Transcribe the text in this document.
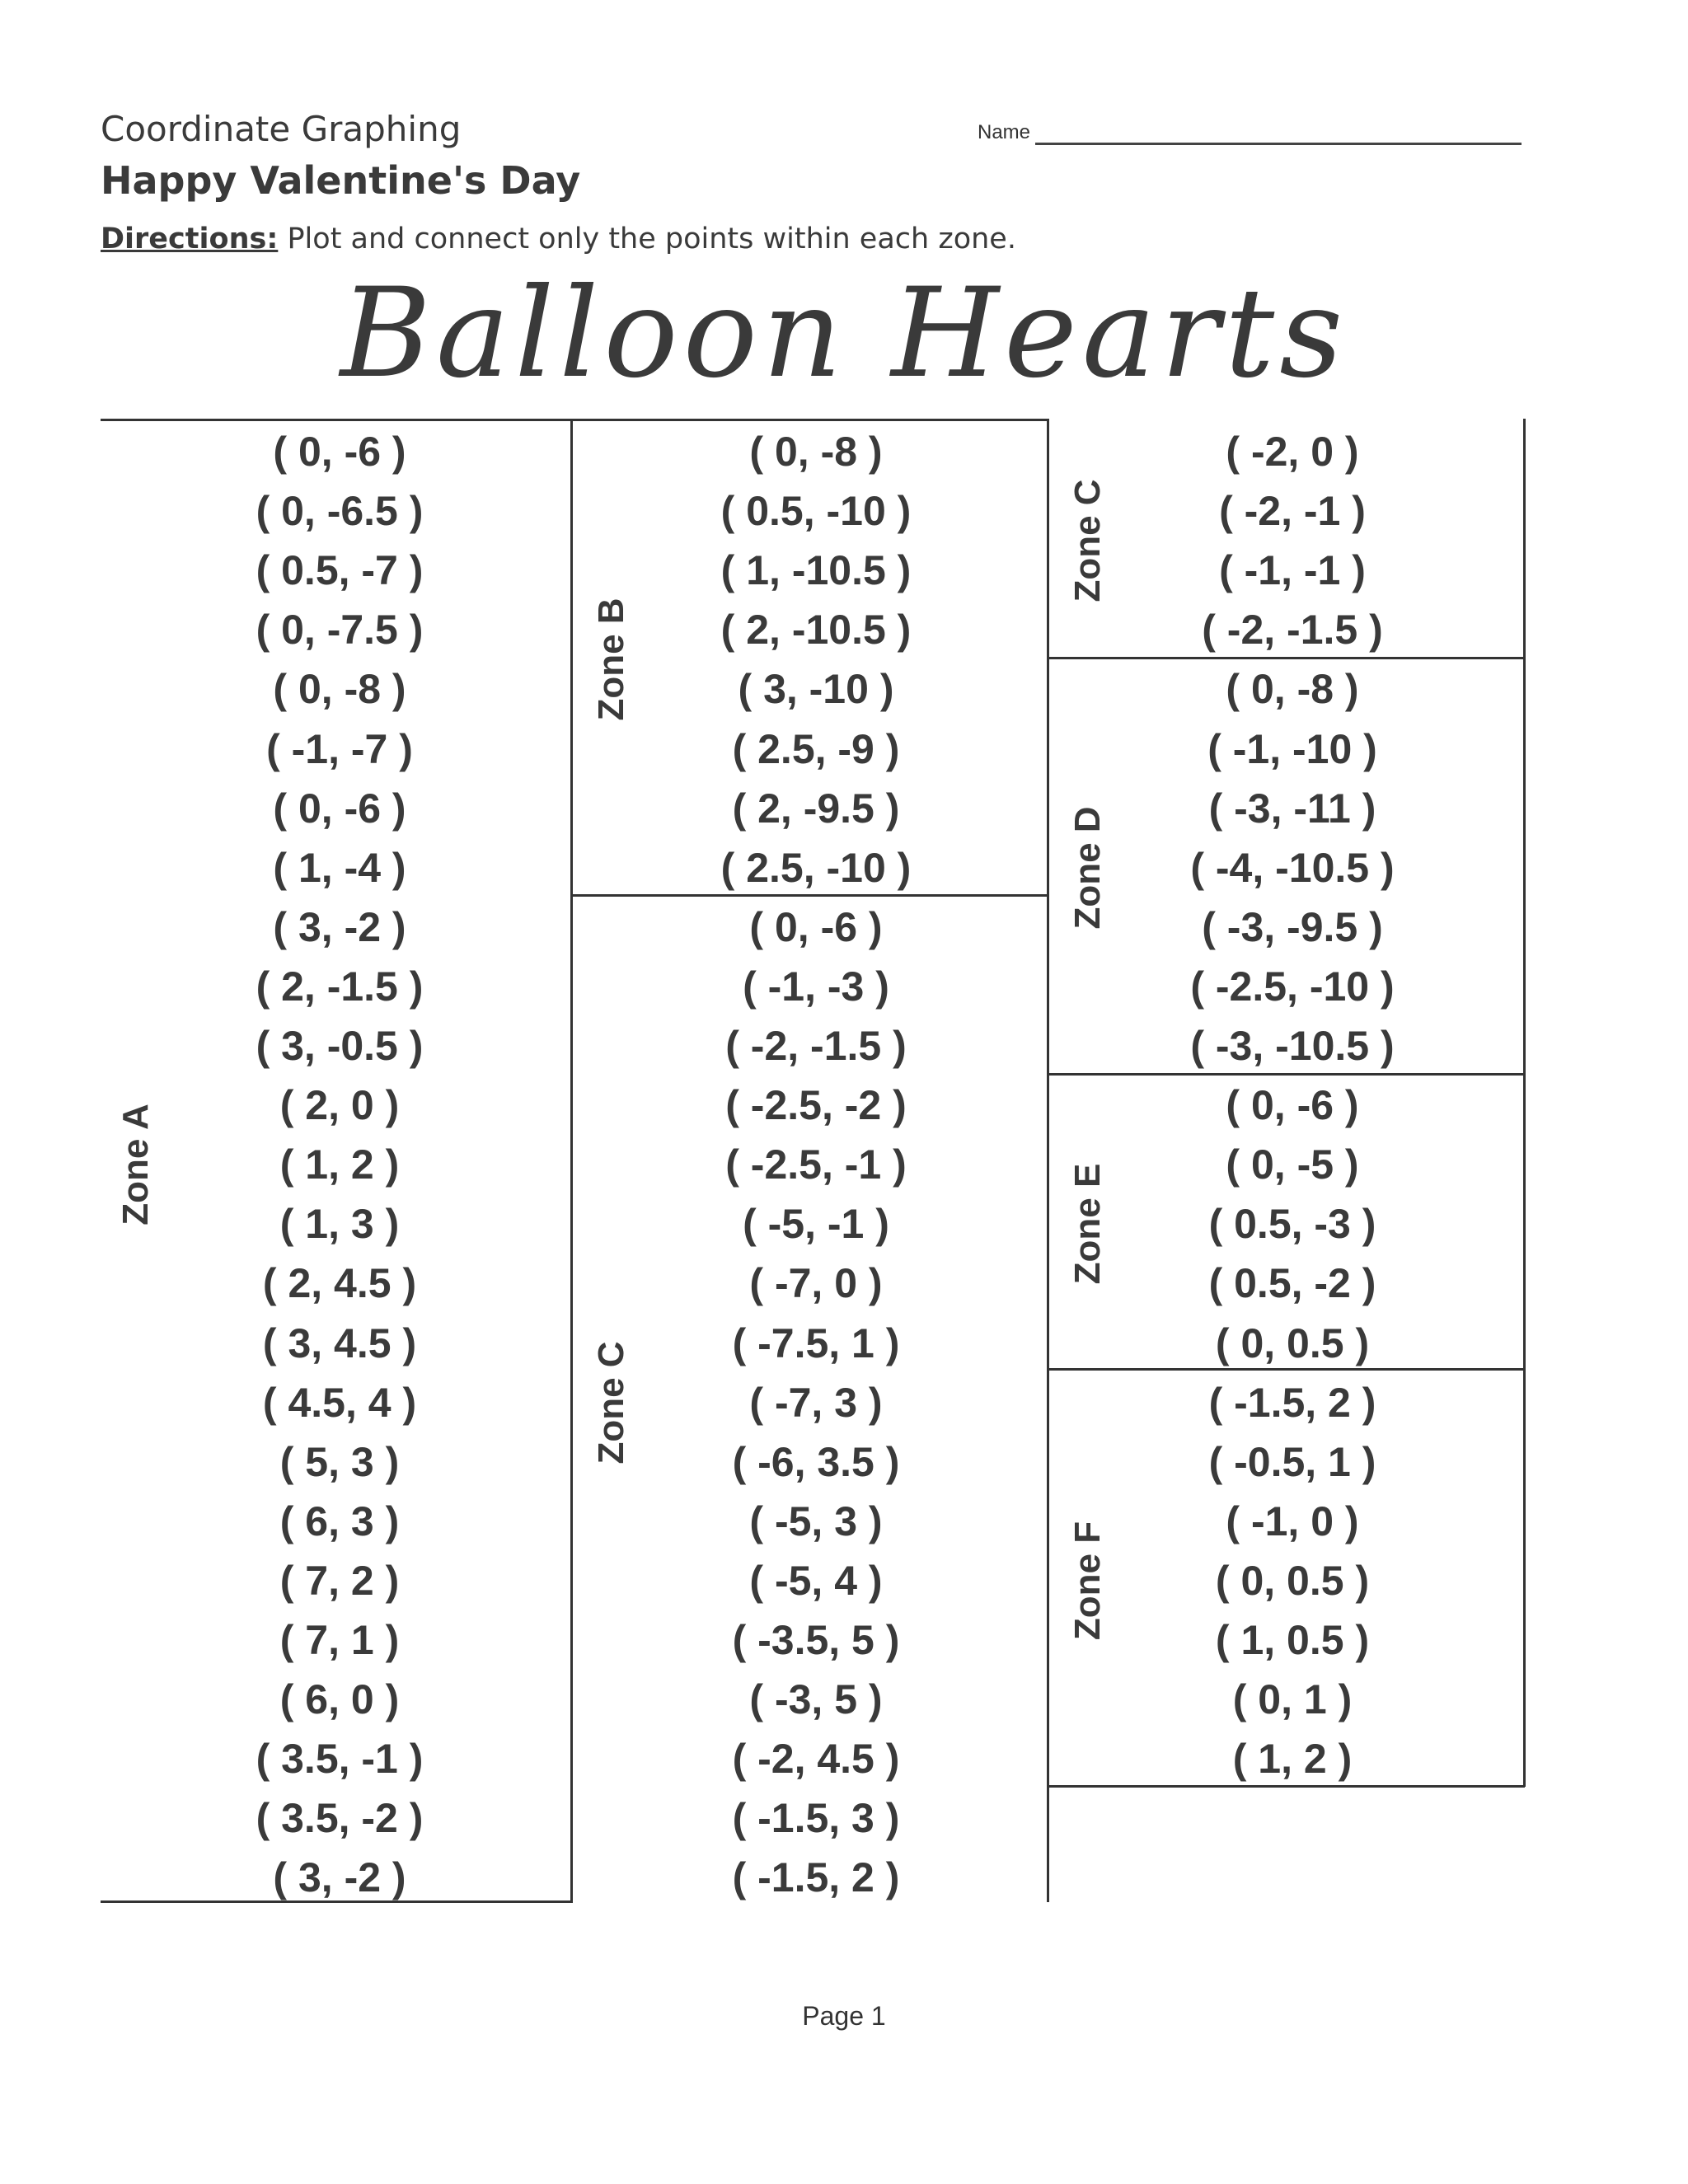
Coordinate Graphing	Name
Happy Valentine's Day
Directions: Plot and connect only the points within each zone.
Balloon Hearts
Zone A
( 0, -6 )
( 0, -6.5 )
( 0.5, -7 )
( 0, -7.5 )
( 0, -8 )
( -1, -7 )
( 0, -6 )
( 1, -4 )
( 3, -2 )
( 2, -1.5 )
( 3, -0.5 )
( 2, 0 )
( 1, 2 )
( 1, 3 )
( 2, 4.5 )
( 3, 4.5 )
( 4.5, 4 )
( 5, 3 )
( 6, 3 )
( 7, 2 )
( 7, 1 )
( 6, 0 )
( 3.5, -1 )
( 3.5, -2 )
( 3, -2 )
Zone B
( 0, -8 )
( 0.5, -10 )
( 1, -10.5 )
( 2, -10.5 )
( 3, -10 )
( 2.5, -9 )
( 2, -9.5 )
( 2.5, -10 )
Zone C
( 0, -6 )
( -1, -3 )
( -2, -1.5 )
( -2.5, -2 )
( -2.5, -1 )
( -5, -1 )
( -7, 0 )
( -7.5, 1 )
( -7, 3 )
( -6, 3.5 )
( -5, 3 )
( -5, 4 )
( -3.5, 5 )
( -3, 5 )
( -2, 4.5 )
( -1.5, 3 )
( -1.5, 2 )
Zone C
( -2, 0 )
( -2, -1 )
( -1, -1 )
( -2, -1.5 )
Zone D
( 0, -8 )
( -1, -10 )
( -3, -11 )
( -4, -10.5 )
( -3, -9.5 )
( -2.5, -10 )
( -3, -10.5 )
Zone E
( 0, -6 )
( 0, -5 )
( 0.5, -3 )
( 0.5, -2 )
( 0, 0.5 )
Zone F
( -1.5, 2 )
( -0.5, 1 )
( -1, 0 )
( 0, 0.5 )
( 1, 0.5 )
( 0, 1 )
( 1, 2 )
Page 1
